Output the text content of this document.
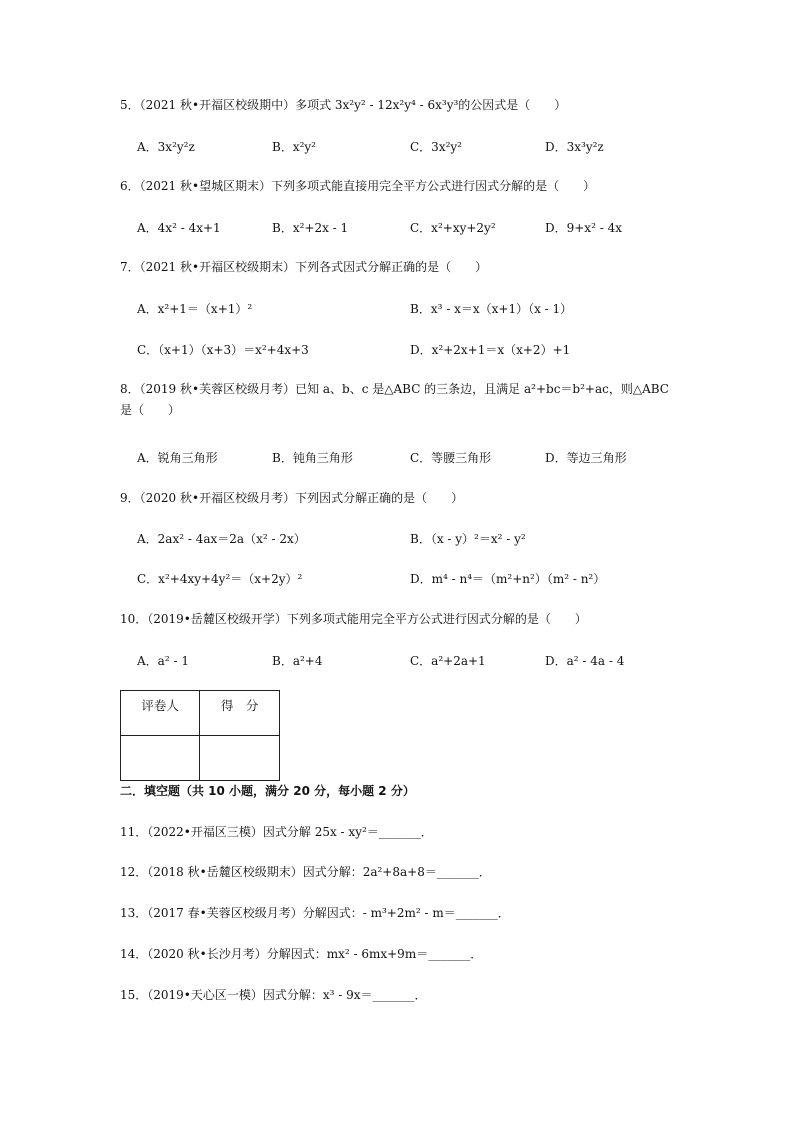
5．（2021 秋•开福区校级期中）多项式 3x²y² - 12x²y⁴ - 6x³y³的公因式是（　　）
A．3x²y²z	B．x²y²	C．3x²y²	D．3x³y²z
6．（2021 秋•望城区期末）下列多项式能直接用完全平方公式进行因式分解的是（　　）
A．4x² - 4x+1	B．x²+2x - 1	C．x²+xy+2y²	D．9+x² - 4x
7．（2021 秋•开福区校级期末）下列各式因式分解正确的是（　　）
A．x²+1＝（x+1）²	B．x³ - x＝x（x+1）（x - 1）
C．（x+1）（x+3）＝x²+4x+3	D．x²+2x+1＝x（x+2）+1
8．（2019 秋•芙蓉区校级月考）已知 a、b、c 是△ABC 的三条边，且满足 a²+bc＝b²+ac，则△ABC 是（　　）
A．锐角三角形	B．钝角三角形	C．等腰三角形	D．等边三角形
9．（2020 秋•开福区校级月考）下列因式分解正确的是（　　）
A．2ax² - 4ax＝2a（x² - 2x）	B．（x - y）²＝x² - y²
C．x²+4xy+4y²＝（x+2y）²	D．m⁴ - n⁴＝（m²+n²）（m² - n²）
10．（2019•岳麓区校级开学）下列多项式能用完全平方公式进行因式分解的是（　　）
A．a² - 1	B．a²+4	C．a²+2a+1	D．a² - 4a - 4
评卷人	得　分

二．填空题（共 10 小题，满分 20 分，每小题 2 分）
11．（2022•开福区三模）因式分解 25x - xy²＝_______．
12．（2018 秋•岳麓区校级期末）因式分解：2a²+8a+8＝_______．
13．（2017 春•芙蓉区校级月考）分解因式：- m³+2m² - m＝_______．
14．（2020 秋•长沙月考）分解因式：mx² - 6mx+9m＝_______．
15．（2019•天心区一模）因式分解：x³ - 9x＝_______．
